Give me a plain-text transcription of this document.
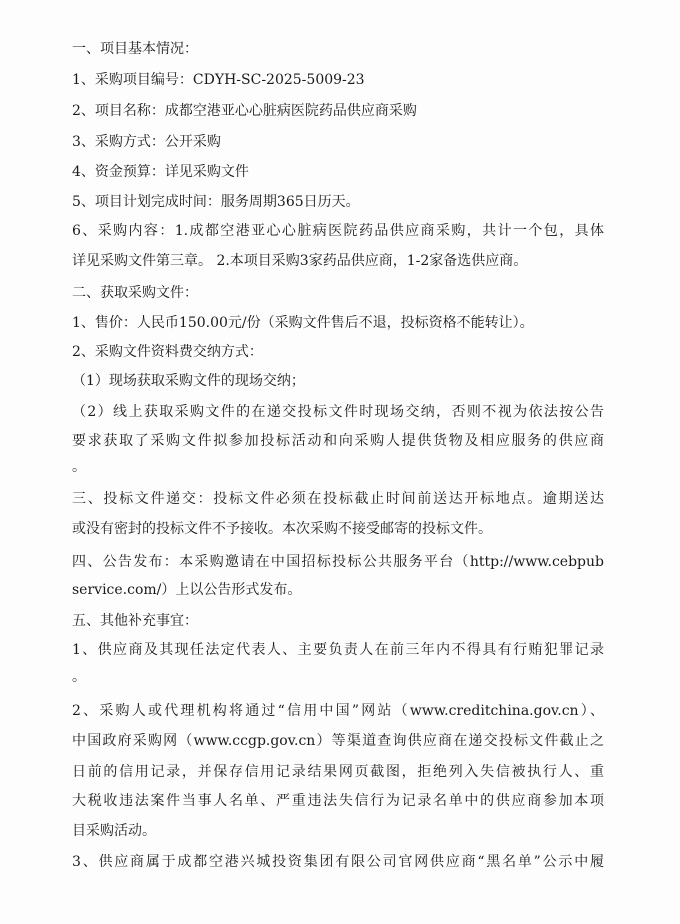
一、项目基本情况：
1、采购项目编号：CDYH-SC-2025-5009-23
2、项目名称：成都空港亚心心脏病医院药品供应商采购
3、采购方式：公开采购
4、资金预算：详见采购文件
5、项目计划完成时间：服务周期365日历天。
6、采购内容：1.成都空港亚心心脏病医院药品供应商采购，共计一个包，具体
详见采购文件第三章。 2.本项目采购3家药品供应商，1-2家备选供应商。
二、获取采购文件：
1、售价：人民币150.00元/份（采购文件售后不退，投标资格不能转让）。
2、采购文件资料费交纳方式：
（1）现场获取采购文件的现场交纳；
（2）线上获取采购文件的在递交投标文件时现场交纳，否则不视为依法按公告
要求获取了采购文件拟参加投标活动和向采购人提供货物及相应服务的供应商
。
三、投标文件递交：投标文件必须在投标截止时间前送达开标地点。逾期送达
或没有密封的投标文件不予接收。本次采购不接受邮寄的投标文件。
四、公告发布：本采购邀请在中国招标投标公共服务平台（http://www.cebpub
service.com/）上以公告形式发布。
五、其他补充事宜：
1、供应商及其现任法定代表人、主要负责人在前三年内不得具有行贿犯罪记录
。
2、采购人或代理机构将通过“信用中国”网站（www.creditchina.gov.cn）、
中国政府采购网（www.ccgp.gov.cn）等渠道查询供应商在递交投标文件截止之
日前的信用记录，并保存信用记录结果网页截图，拒绝列入失信被执行人、重
大税收违法案件当事人名单、严重违法失信行为记录名单中的供应商参加本项
目采购活动。
3、供应商属于成都空港兴城投资集团有限公司官网供应商“黑名单”公示中履
